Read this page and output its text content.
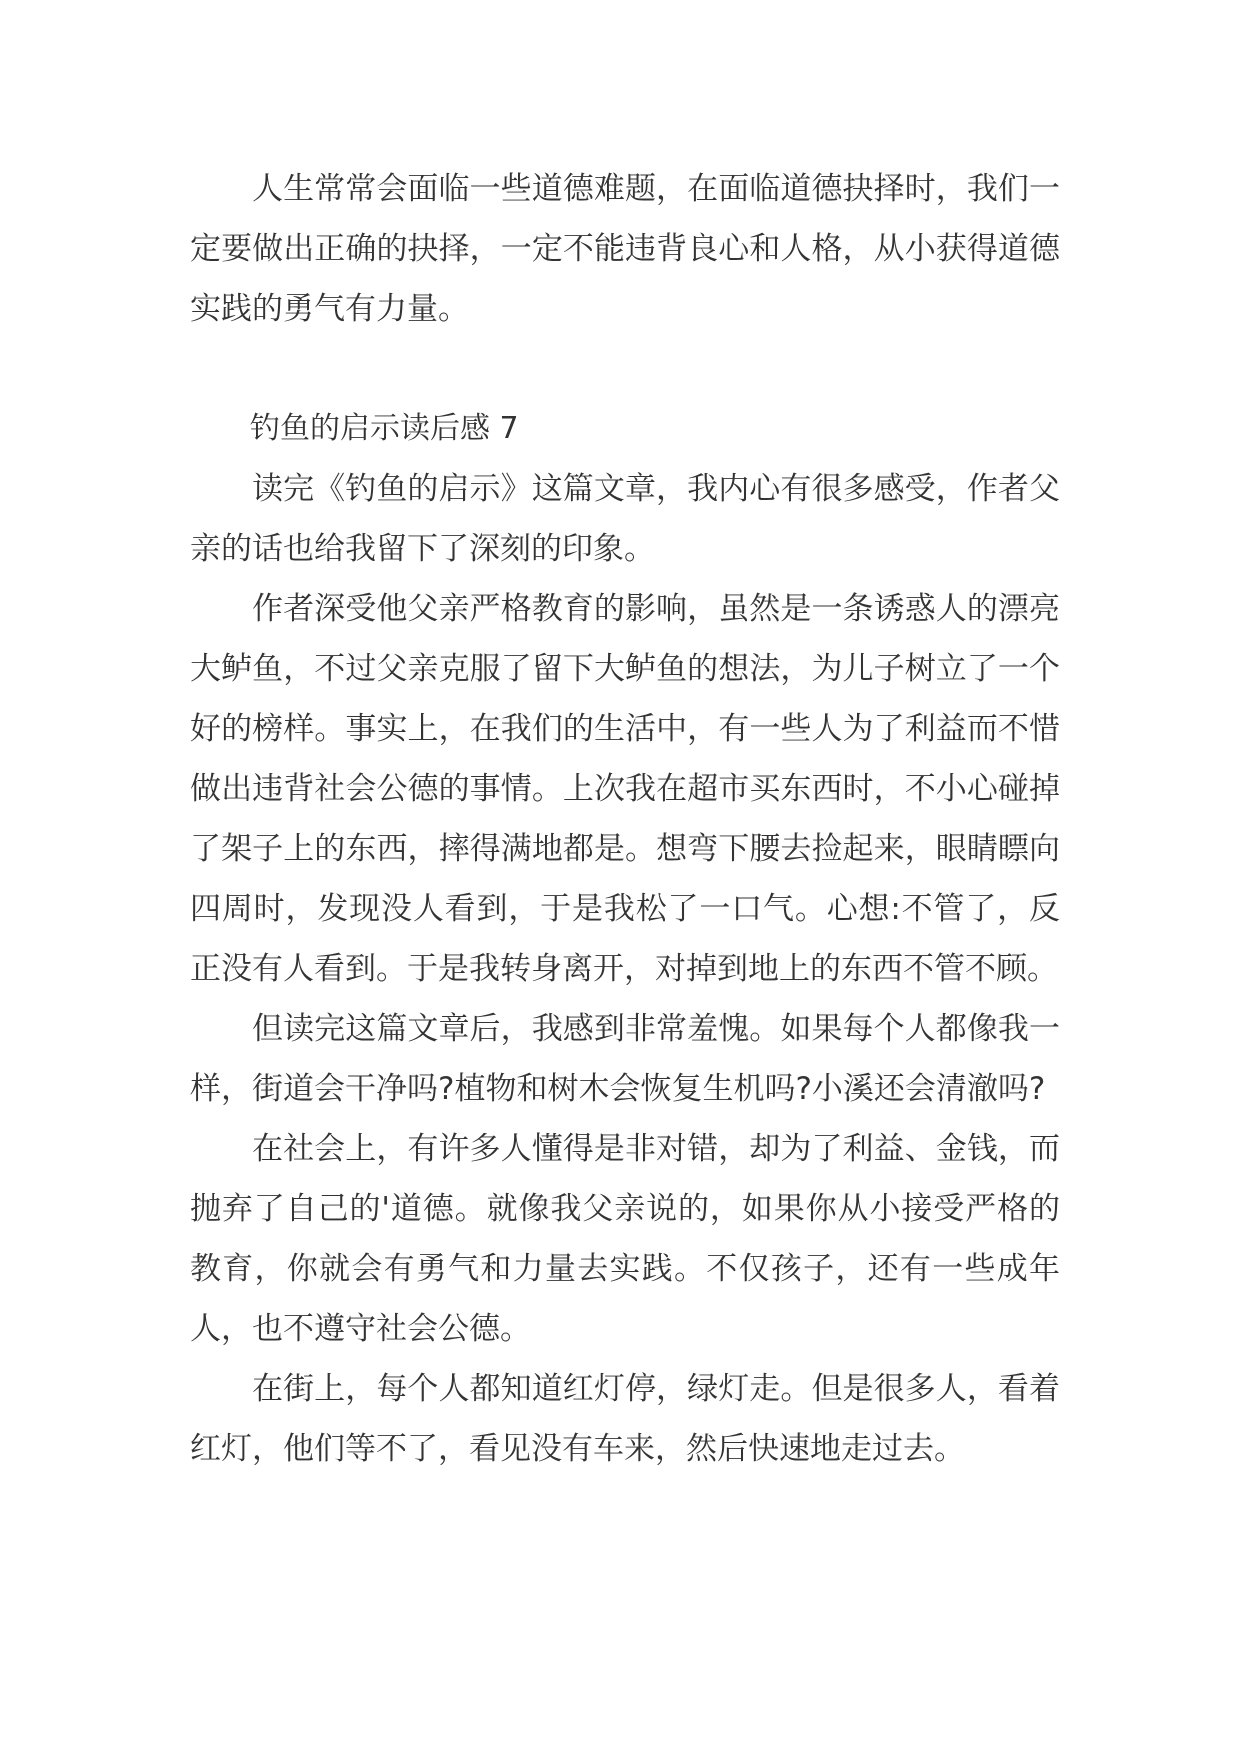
人生常常会面临一些道德难题，在面临道德抉择时，我们一定要做出正确的抉择，一定不能违背良心和人格，从小获得道德实践的勇气有力量。

钓鱼的启示读后感 7

读完《钓鱼的启示》这篇文章，我内心有很多感受，作者父亲的话也给我留下了深刻的印象。

作者深受他父亲严格教育的影响，虽然是一条诱惑人的漂亮大鲈鱼，不过父亲克服了留下大鲈鱼的想法，为儿子树立了一个好的榜样。事实上，在我们的生活中，有一些人为了利益而不惜做出违背社会公德的事情。上次我在超市买东西时，不小心碰掉了架子上的东西，摔得满地都是。想弯下腰去捡起来，眼睛瞟向四周时，发现没人看到，于是我松了一口气。心想:不管了，反正没有人看到。于是我转身离开，对掉到地上的东西不管不顾。

但读完这篇文章后，我感到非常羞愧。如果每个人都像我一样，街道会干净吗?植物和树木会恢复生机吗?小溪还会清澈吗?

在社会上，有许多人懂得是非对错，却为了利益、金钱，而抛弃了自己的'道德。就像我父亲说的，如果你从小接受严格的教育，你就会有勇气和力量去实践。不仅孩子，还有一些成年人，也不遵守社会公德。

在街上，每个人都知道红灯停，绿灯走。但是很多人，看着红灯，他们等不了，看见没有车来，然后快速地走过去。
